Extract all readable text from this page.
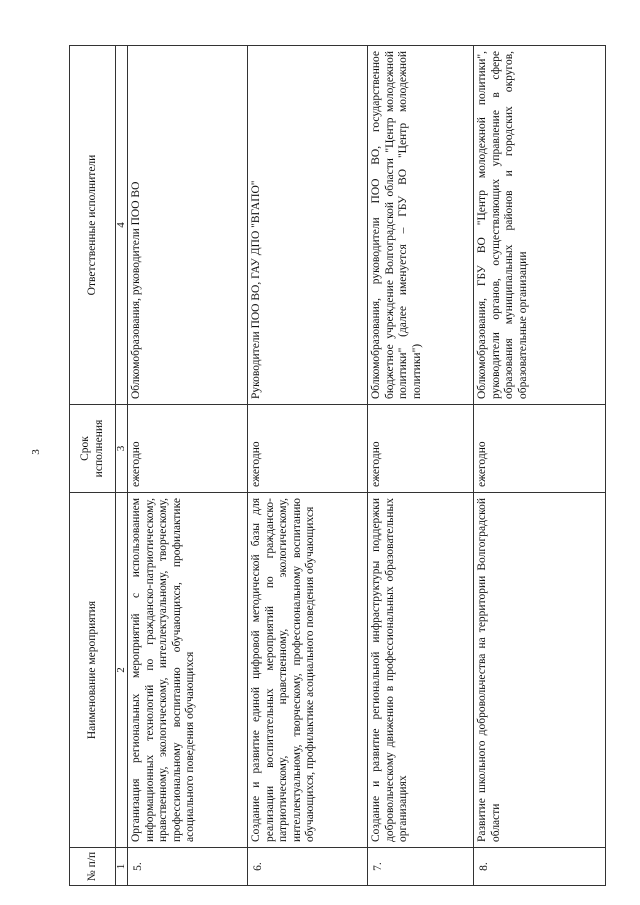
3
№ п/п	Наименование мероприятия	Срок исполнения	Ответственные исполнители
1	2	3	4
5.	Организация региональных мероприятий с использованием информационных технологий по гражданско-патриотическому, нравственному, экологическому, интеллектуальному, творческому, профессиональному воспитанию обучающихся, профилактике асоциального поведения обучающихся	ежегодно	Облкомобразования, руководители ПОО ВО
6.	Создание и развитие единой цифровой методической базы для реализации воспитательных мероприятий по гражданско-патриотическому, нравственному, экологическому, интеллектуальному, творческому, профессиональному воспитанию обучающихся, профилактике асоциального поведения обучающихся	ежегодно	Руководители ПОО ВО, ГАУ ДПО "ВГАПО"
7.	Создание и развитие региональной инфраструктуры поддержки добровольческому движению в профессиональных образовательных организациях	ежегодно	Облкомобразования, руководители ПОО ВО, государственное бюджетное учреждение Волгоградской области "Центр молодежной политики" (далее именуется – ГБУ ВО "Центр молодежной политики")
8.	Развитие школьного добровольчества на территории Волгоградской области	ежегодно	Облкомобразования, ГБУ ВО "Центр молодежной политики", руководители органов, осуществляющих управление в сфере образования муниципальных районов и городских округов, образовательные организации
